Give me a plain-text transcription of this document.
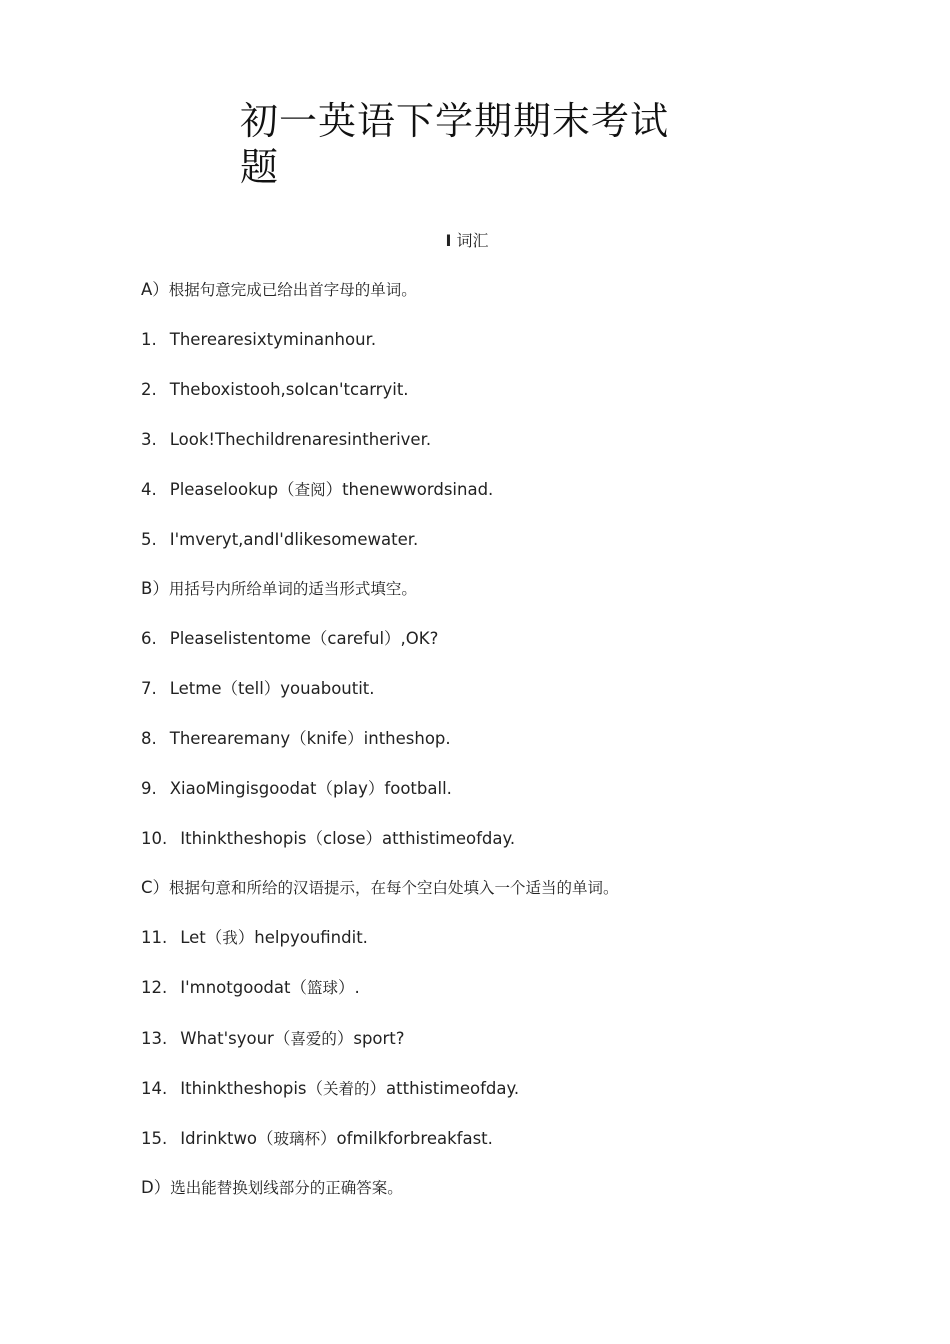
初一英语下学期期末考试题
I 词汇
A）根据句意完成已给出首字母的单词。
1. Therearesixtyminanhour.
2. Theboxistooh,soIcan'tcarryit.
3. Look!Thechildrenaresintheriver.
4. Pleaselookup（查阅）thenewwordsinad.
5. I'mveryt,andI'dlikesomewater.
B）用括号内所给单词的适当形式填空。
6. Pleaselistentome（careful）,OK?
7. Letme（tell）youaboutit.
8. Therearemany（knife）intheshop.
9. XiaoMingisgoodat（play）football.
10. Ithinktheshopis（close）atthistimeofday.
C）根据句意和所给的汉语提示，在每个空白处填入一个适当的单词。
11. Let（我）helpyoufindit.
12. I'mnotgoodat（篮球）.
13. What'syour（喜爱的）sport?
14. Ithinktheshopis（关着的）atthistimeofday.
15. Idrinktwo（玻璃杯）ofmilkforbreakfast.
D）选出能替换划线部分的正确答案。
